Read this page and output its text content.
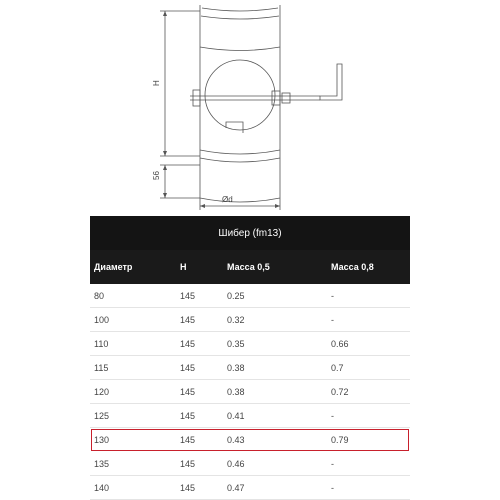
H
56
Ød
Шибер (fm13)
Диаметр	H	Масса 0,5	Масса 0,8
80	145	0.25	-
100	145	0.32	-
110	145	0.35	0.66
115	145	0.38	0.7
120	145	0.38	0.72
125	145	0.41	-
130	145	0.43	0.79
135	145	0.46	-
140	145	0.47	-
